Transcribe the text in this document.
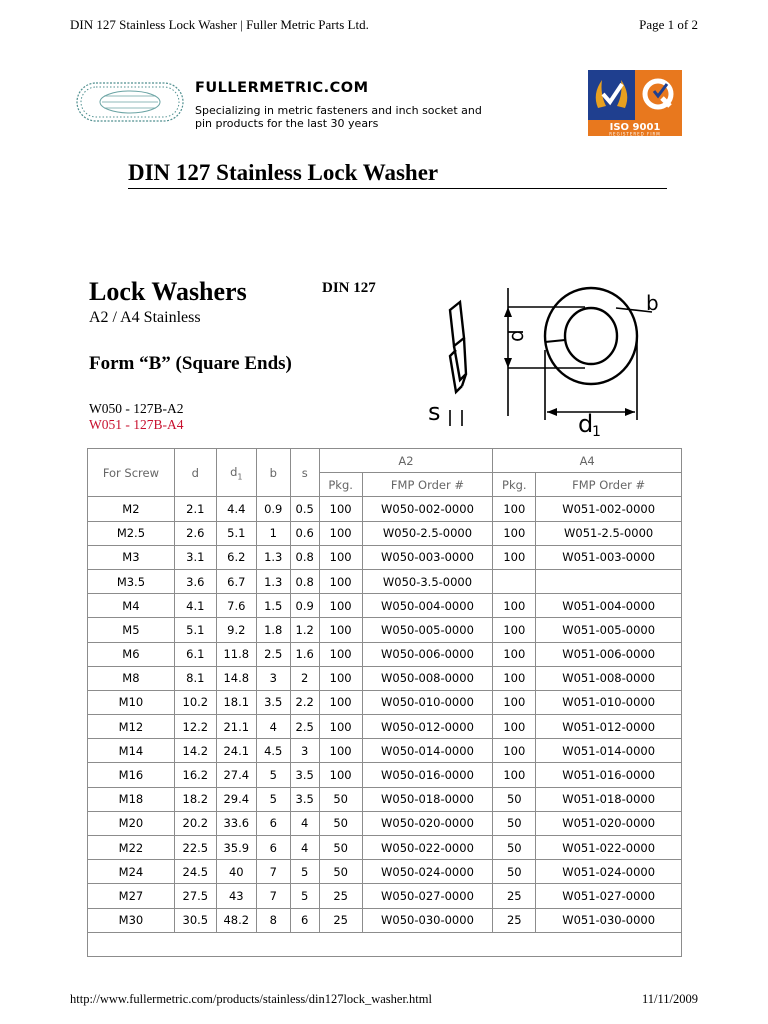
DIN 127 Stainless Lock Washer | Fuller Metric Parts Ltd.	Page 1 of 2
FULLERMETRIC.COM
Specializing in metric fasteners and inch socket and pin products for the last 30 years	ISO 9001
REGISTERED FIRM
DIN 127 Stainless Lock Washer
Lock Washers
A2 / A4 Stainless
DIN 127
Form “B” (Square Ends)
W050 - 127B-A2
W051 - 127B-A4
d
b
s	d
1
For Screw	d	$d_1$	b	s	A2		A4	
					Pkg.	FMP Order #	Pkg.	FMP Order #
M2	2.1	4.4	0.9	0.5	100	W050-002-0000	100	W051-002-0000
M2.5	2.6	5.1	1	0.6	100	W050-2.5-0000	100	W051-2.5-0000
M3	3.1	6.2	1.3	0.8	100	W050-003-0000	100	W051-003-0000
M3.5	3.6	6.7	1.3	0.8	100	W050-3.5-0000		
M4	4.1	7.6	1.5	0.9	100	W050-004-0000	100	W051-004-0000
M5	5.1	9.2	1.8	1.2	100	W050-005-0000	100	W051-005-0000
M6	6.1	11.8	2.5	1.6	100	W050-006-0000	100	W051-006-0000
M8	8.1	14.8	3	2	100	W050-008-0000	100	W051-008-0000
M10	10.2	18.1	3.5	2.2	100	W050-010-0000	100	W051-010-0000
M12	12.2	21.1	4	2.5	100	W050-012-0000	100	W051-012-0000
M14	14.2	24.1	4.5	3	100	W050-014-0000	100	W051-014-0000
M16	16.2	27.4	5	3.5	100	W050-016-0000	100	W051-016-0000
M18	18.2	29.4	5	3.5	50	W050-018-0000	50	W051-018-0000
M20	20.2	33.6	6	4	50	W050-020-0000	50	W051-020-0000
M22	22.5	35.9	6	4	50	W050-022-0000	50	W051-022-0000
M24	24.5	40	7	5	50	W050-024-0000	50	W051-024-0000
M27	27.5	43	7	5	25	W050-027-0000	25	W051-027-0000
M30	30.5	48.2	8	6	25	W050-030-0000	25	W051-030-0000

http://www.fullermetric.com/products/stainless/din127lock_washer.html	11/11/2009
